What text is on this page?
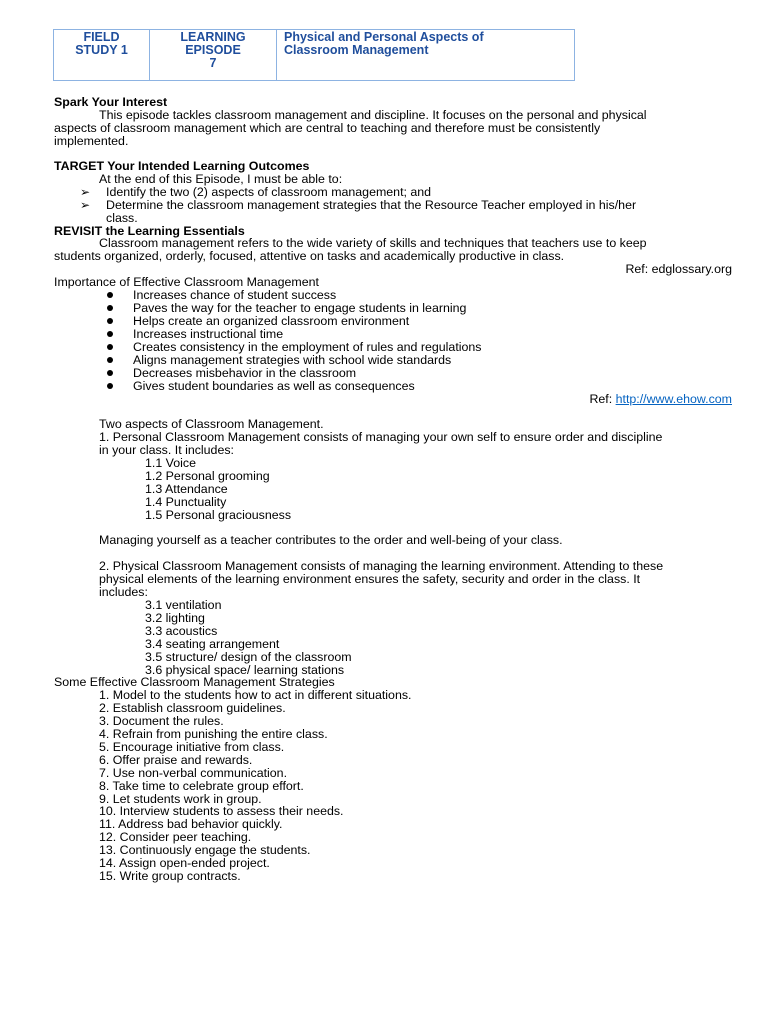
FIELD
STUDY 1
LEARNING
EPISODE
7
Physical and Personal Aspects of
Classroom Management
Spark Your Interest
This episode tackles classroom management and discipline. It focuses on the personal and physical
aspects of classroom management which are central to teaching and therefore must be consistently
implemented.
TARGET Your Intended Learning Outcomes
At the end of this Episode, I must be able to:
➢ Identify the two (2) aspects of classroom management; and
➢ Determine the classroom management strategies that the Resource Teacher employed in his/her
class.
REVISIT the Learning Essentials
Classroom management refers to the wide variety of skills and techniques that teachers use to keep
students organized, orderly, focused, attentive on tasks and academically productive in class.
Ref: edglossary.org
Importance of Effective Classroom Management
Increases chance of student success
Paves the way for the teacher to engage students in learning
Helps create an organized classroom environment
Increases instructional time
Creates consistency in the employment of rules and regulations
Aligns management strategies with school wide standards
Decreases misbehavior in the classroom
Gives student boundaries as well as consequences
Ref: http://www.ehow.com
Two aspects of Classroom Management.
1. Personal Classroom Management consists of managing your own self to ensure order and discipline
in your class. It includes:
1.1 Voice
1.2 Personal grooming
1.3 Attendance
1.4 Punctuality
1.5 Personal graciousness
Managing yourself as a teacher contributes to the order and well-being of your class.
2. Physical Classroom Management consists of managing the learning environment. Attending to these
physical elements of the learning environment ensures the safety, security and order in the class. It
includes:
3.1 ventilation
3.2 lighting
3.3 acoustics
3.4 seating arrangement
3.5 structure/ design of the classroom
3.6 physical space/ learning stations
Some Effective Classroom Management Strategies
1. Model to the students how to act in different situations.
2. Establish classroom guidelines.
3. Document the rules.
4. Refrain from punishing the entire class.
5. Encourage initiative from class.
6. Offer praise and rewards.
7. Use non-verbal communication.
8. Take time to celebrate group effort.
9. Let students work in group.
10. Interview students to assess their needs.
11. Address bad behavior quickly.
12. Consider peer teaching.
13. Continuously engage the students.
14. Assign open-ended project.
15. Write group contracts.
